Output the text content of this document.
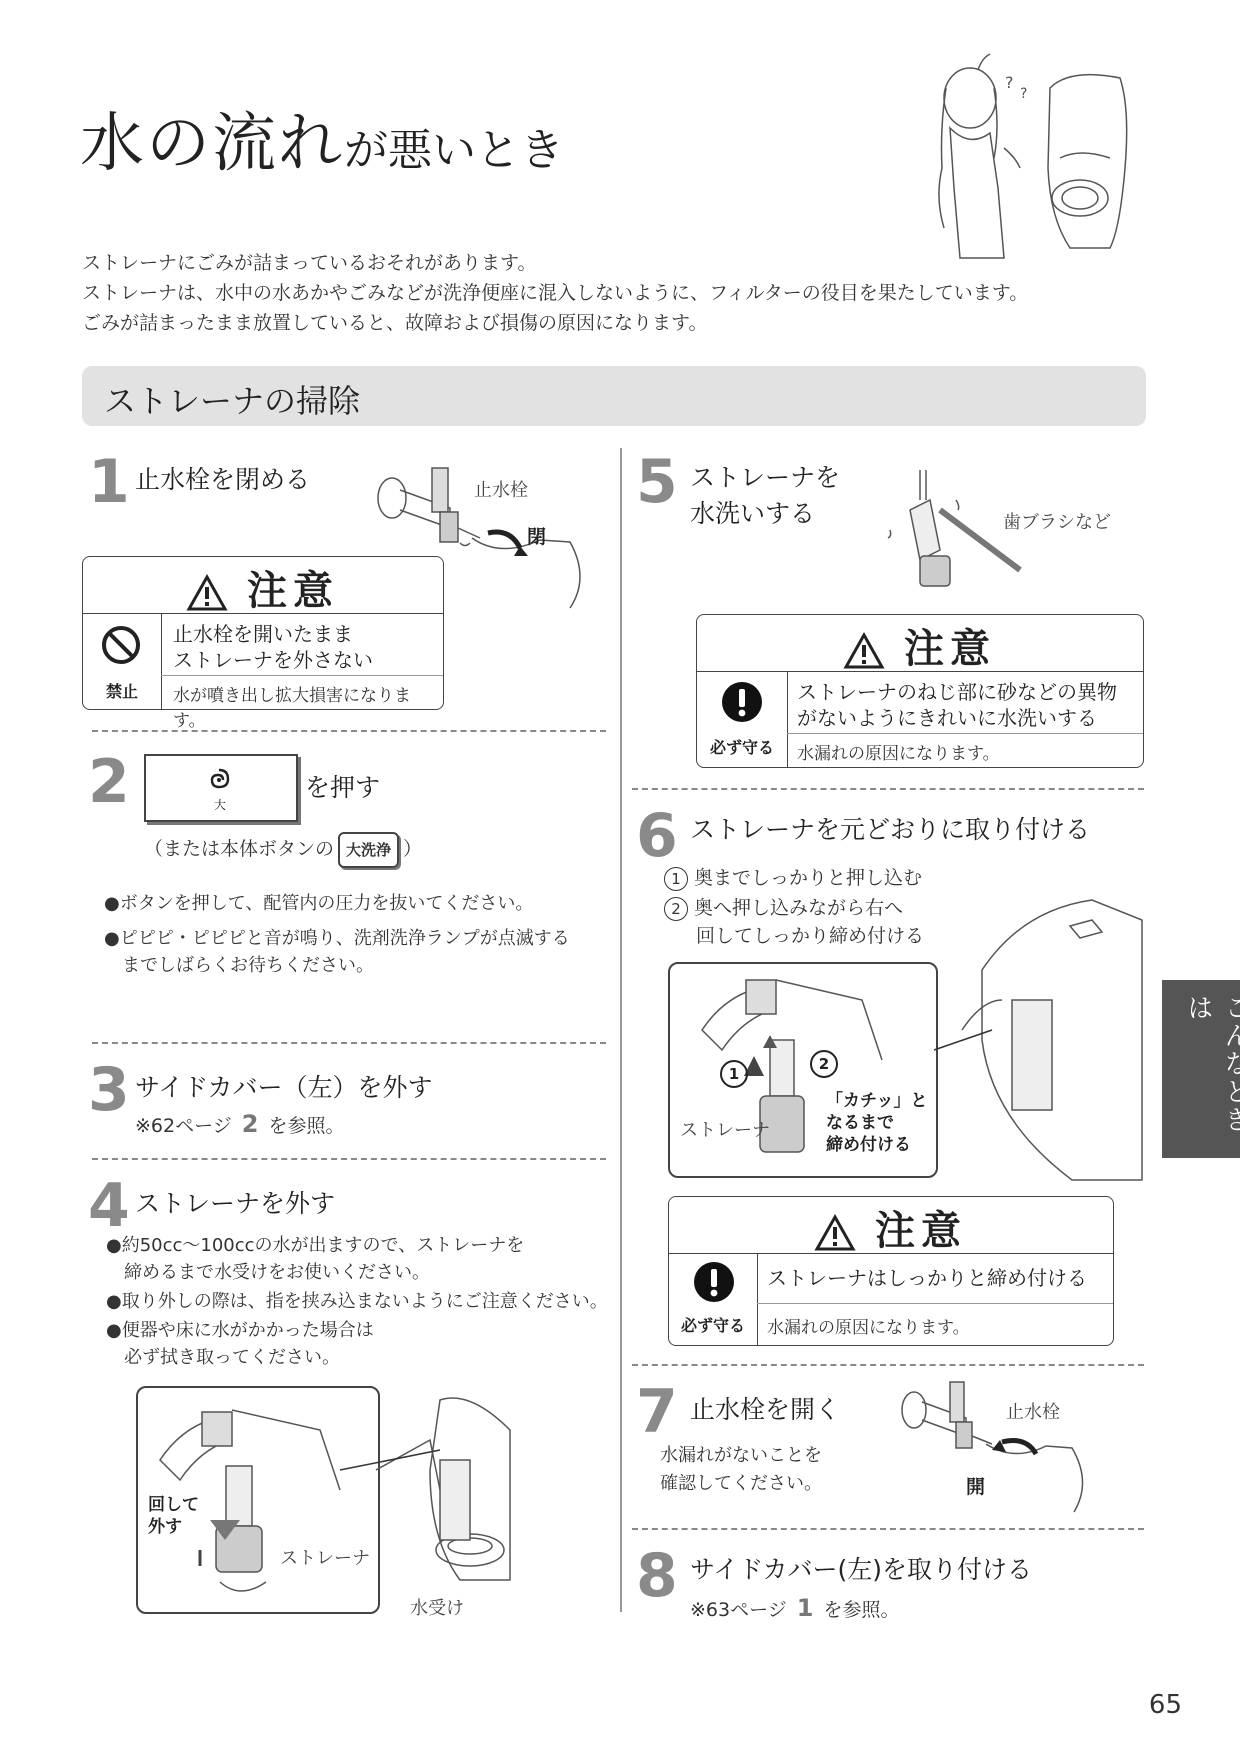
水の流れが悪いとき
?
?
ストレーナにごみが詰まっているおそれがあります。
ストレーナは、水中の水あかやごみなどが洗浄便座に混入しないように、フィルターの役目を果たしています。
ごみが詰まったまま放置していると、故障および損傷の原因になります。
ストレーナの掃除
1 止水栓を閉める	止水栓
閉
注意
禁止
止水栓を開いたまま
ストレーナを外さない
水が噴き出し拡大損害になります。
2	大
を押す
（または本体ボタンの 大洗浄 ）
●ボタンを押して、配管内の圧力を抜いてください。
●ピピピ・ピピピと音が鳴り、洗剤洗浄ランプが点滅する
までしばらくお待ちください。
3 サイドカバー（左）を外す
※62ページ 2 を参照。
4 ストレーナを外す
●約50cc〜100ccの水が出ますので、ストレーナを
締めるまで水受けをお使いください。
●取り外しの際は、指を挟み込まないようにご注意ください。
●便器や床に水がかかった場合は
必ず拭き取ってください。
回して
外す
ストレーナ
水受け
5 ストレーナを
水洗いする	歯ブラシなど
注意
必ず守る
ストレーナのねじ部に砂などの異物
がないようにきれいに水洗いする
水漏れの原因になります。
6 ストレーナを元どおりに取り付ける
1 奥までしっかりと押し込む
2 奥へ押し込みながら右へ
回してしっかり締め付ける
1
2
ストレーナ
「カチッ」と
なるまで
締め付ける
注意
必ず守る
ストレーナはしっかりと締め付ける
水漏れの原因になります。
7 止水栓を開く
水漏れがないことを
確認してください。
止水栓
開
8 サイドカバー(左)を取り付ける
※63ページ 1 を参照。
こんなときは
65
